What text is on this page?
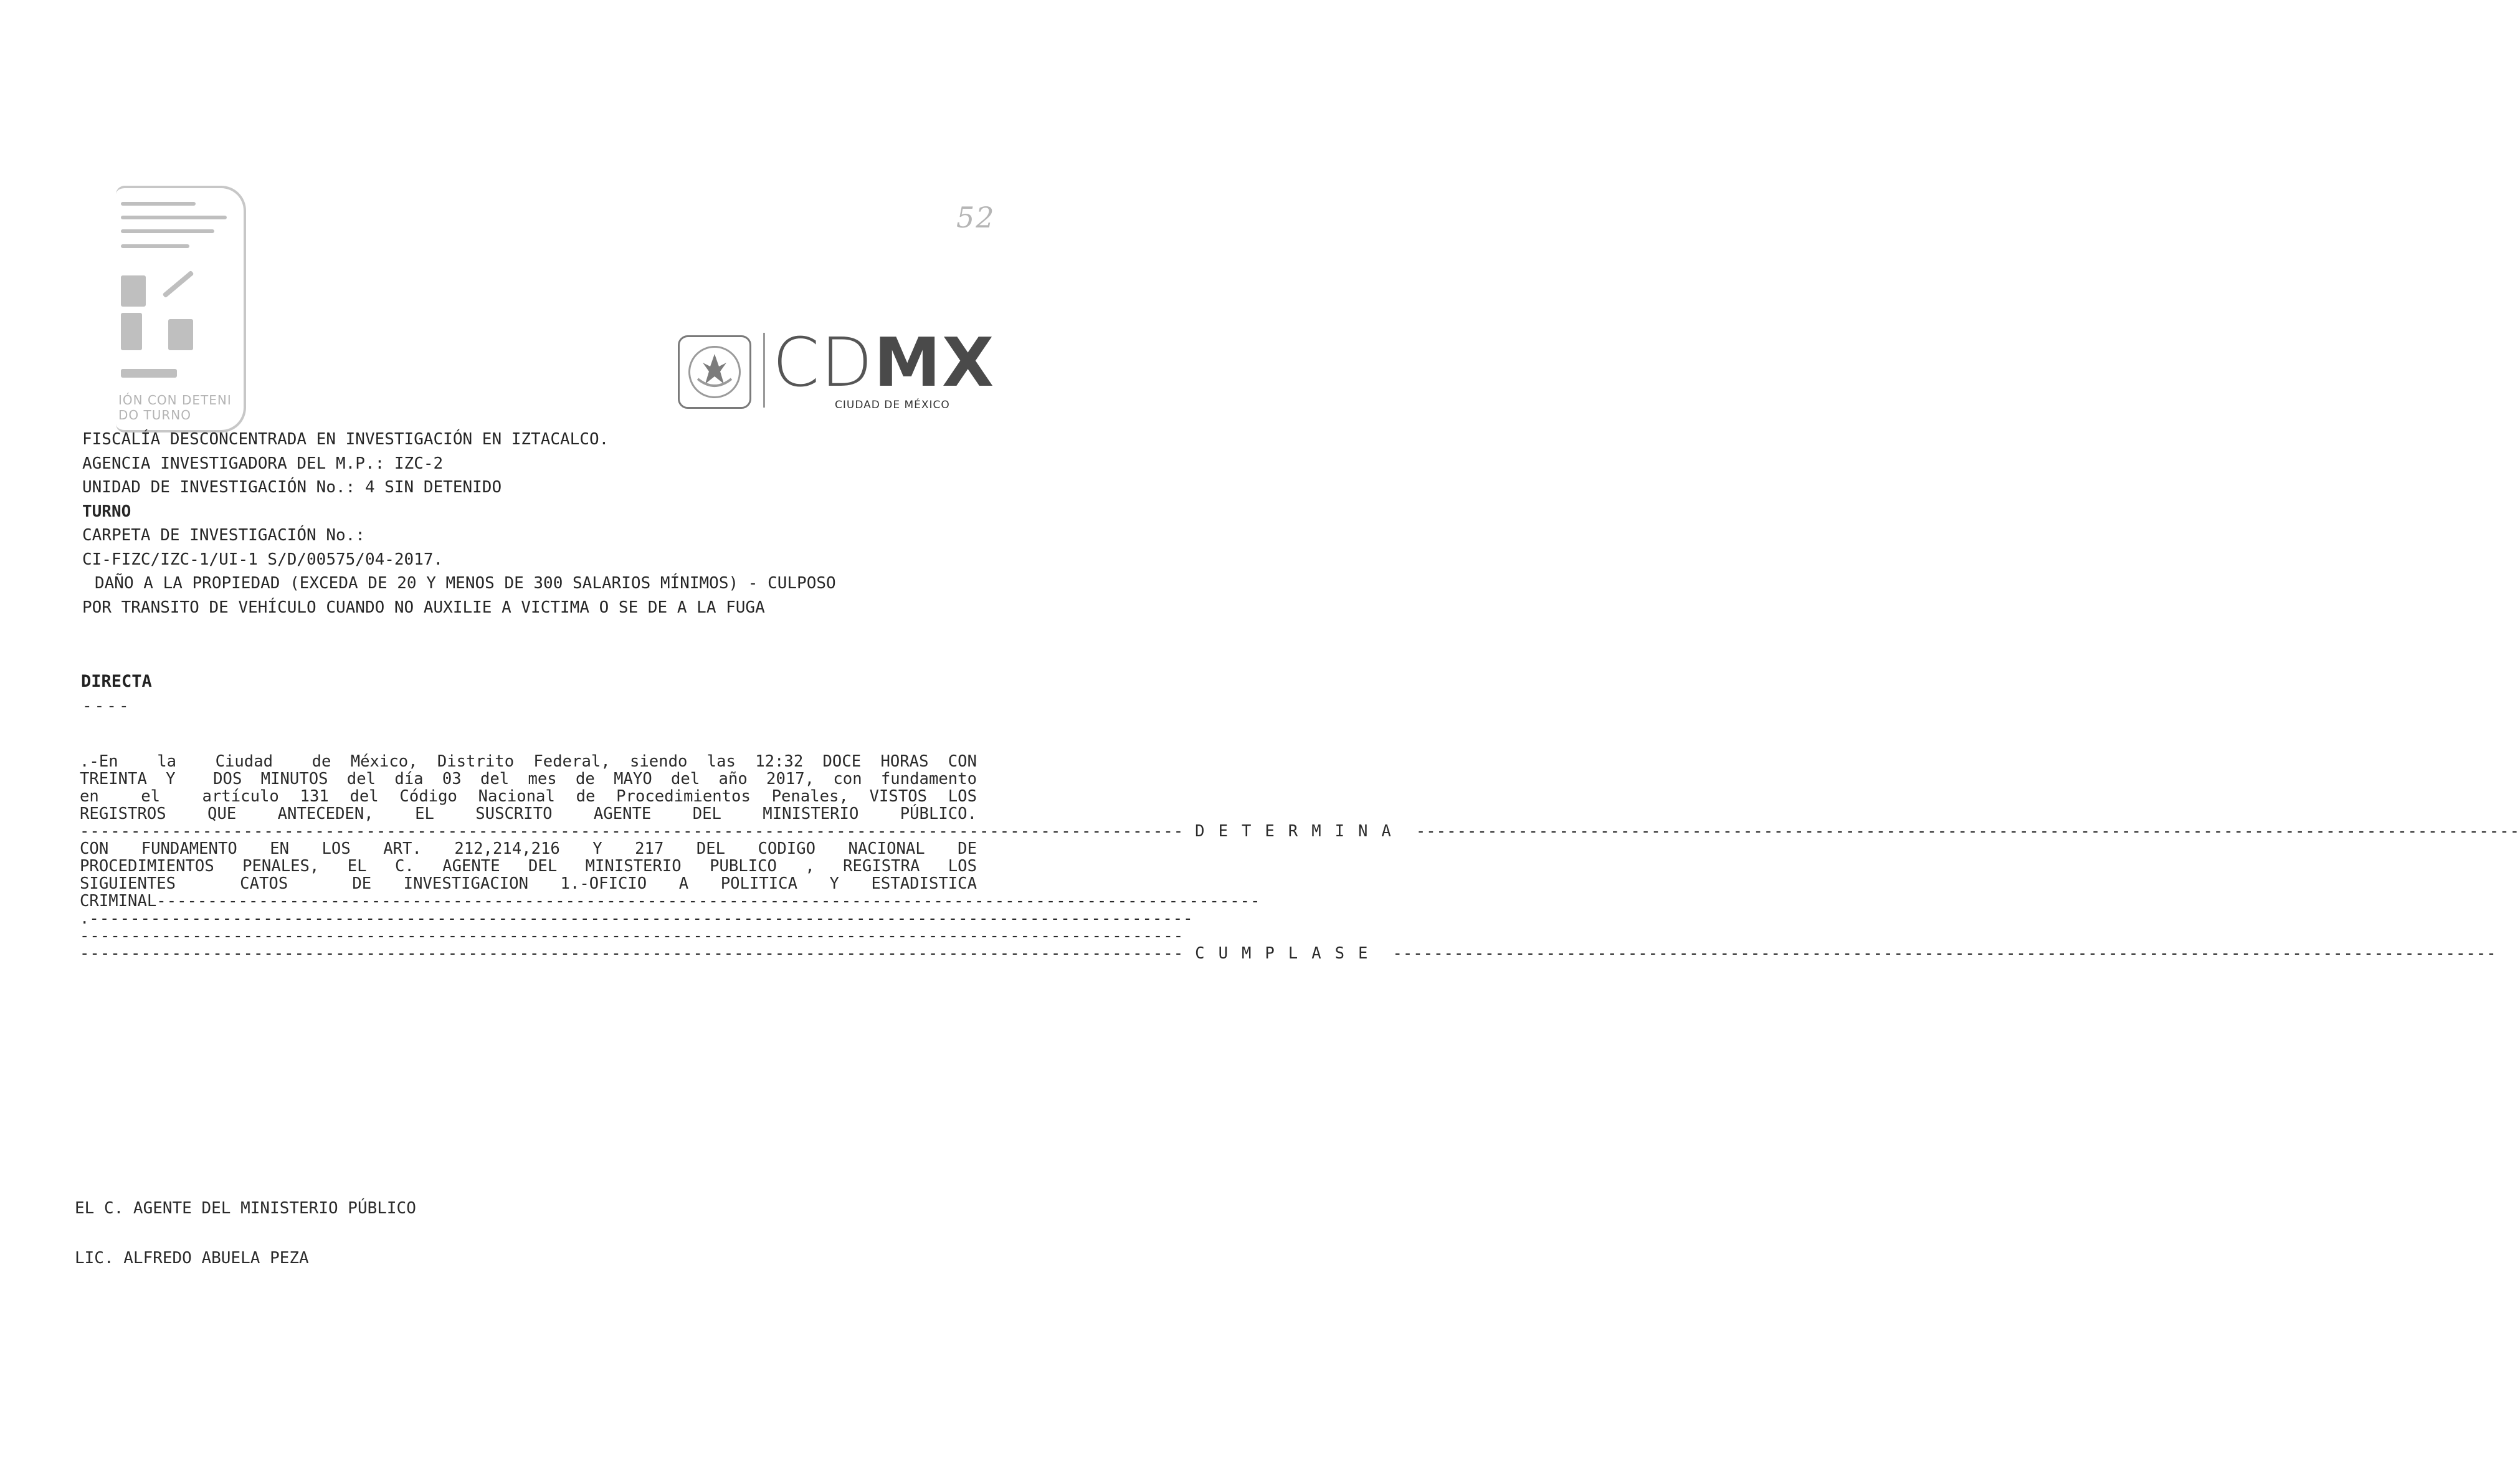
52
IÓN CON DETENI
DO TURNO
CDMX
CIUDAD DE MÉXICO

FISCALÍA DESCONCENTRADA EN INVESTIGACIÓN EN IZTACALCO.

AGENCIA INVESTIGADORA DEL M.P.: IZC-2

UNIDAD DE INVESTIGACIÓN No.: 4 SIN DETENIDO

TURNO

CARPETA DE INVESTIGACIÓN No.:

CI-FIZC/IZC-1/UI-1 S/D/00575/04-2017.

DAÑO A LA PROPIEDAD (EXCEDA DE 20 Y MENOS DE 300 SALARIOS MÍNIMOS) - CULPOSO

POR TRANSITO DE VEHÍCULO CUANDO NO AUXILIE A VICTIMA O SE DE A LA FUGA

DIRECTA
----

.-En  la  Ciudad  de México, Distrito Federal, siendo las 12:32 DOCE HORAS CON

TREINTA Y  DOS MINUTOS del día 03 del mes de MAYO del año 2017, con fundamento

en  el  artículo 131 del Código Nacional de Procedimientos Penales, VISTOS LOS

REGISTROS  QUE  ANTECEDEN,  EL  SUSCRITO  AGENTE  DEL  MINISTERIO  PÚBLICO.

------------------------------------------------------------------------------------------------------------ DETERMINA ------------------------------------------------------------------------------------------------------------

CON FUNDAMENTO EN LOS ART. 212,214,216 Y 217 DEL CODIGO NACIONAL DE

PROCEDIMIENTOS PENALES, EL C. AGENTE DEL MINISTERIO PUBLICO , REGISTRA LOS

SIGUIENTES  CATOS  DE INVESTIGACION 1.-OFICIO A POLITICA Y ESTADISTICA

CRIMINAL ------------------------------------------------------------------------------------------------------------
. ------------------------------------------------------------------------------------------------------------
------------------------------------------------------------------------------------------------------------
------------------------------------------------------------------------------------------------------------ CUMPLASE ------------------------------------------------------------------------------------------------------------
EL C. AGENTE DEL MINISTERIO PÚBLICO
LIC. ALFREDO ABUELA PEZA
